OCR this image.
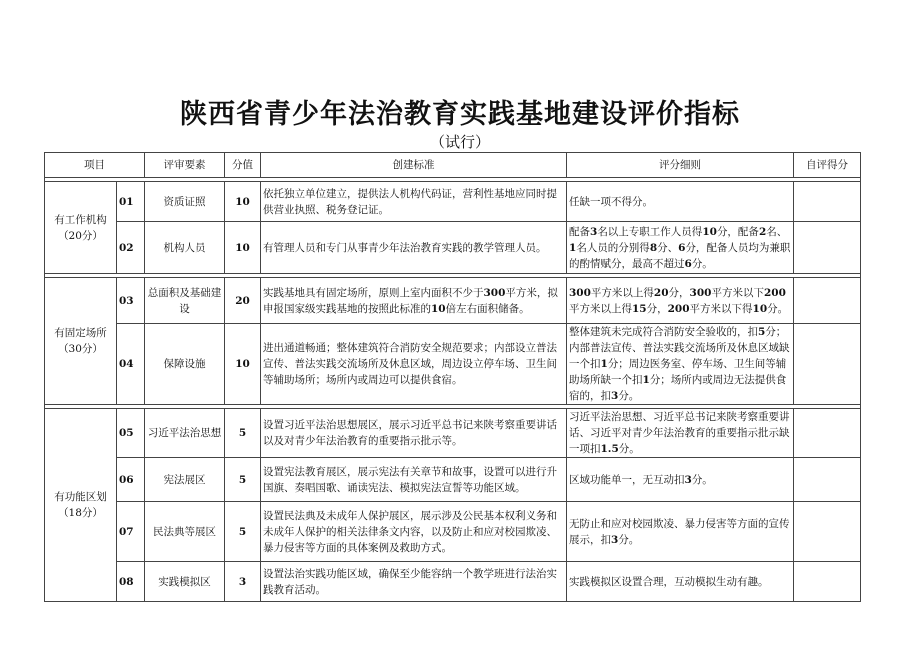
陕西省青少年法治教育实践基地建设评价指标
（试行）
项目		评审要素	分值	创建标准	评分细则	自评得分

有工作机构（20分）	01	资质证照	10	依托独立单位建立，提供法人机构代码证，营利性基地应同时提供营业执照、税务登记证。	任缺一项不得分。	
	02	机构人员	10	有管理人员和专门从事青少年法治教育实践的教学管理人员。	配备3名以上专职工作人员得10分，配备2名、1名人员的分别得8分、6分，配备人员均为兼职的酌情赋分，最高不超过6分。	

有固定场所（30分）	03	总面积及基础建设	20	实践基地具有固定场所，原则上室内面积不少于300平方米，拟申报国家级实践基地的按照此标准的10倍左右面积储备。	300平方米以上得20分，300平方米以下200平方米以上得15分，200平方米以下得10分。	
	04	保障设施	10	进出通道畅通；整体建筑符合消防安全规范要求；内部设立普法宣传、普法实践交流场所及休息区域，周边设立停车场、卫生间等辅助场所；场所内或周边可以提供食宿。	整体建筑未完成符合消防安全验收的，扣5分；内部普法宣传、普法实践交流场所及休息区域缺一个扣1分；周边医务室、停车场、卫生间等辅助场所缺一个扣1分；场所内或周边无法提供食宿的，扣3分。	

有功能区划（18分）	05	习近平法治思想	5	设置习近平法治思想展区，展示习近平总书记来陕考察重要讲话以及对青少年法治教育的重要指示批示等。	习近平法治思想、习近平总书记来陕考察重要讲话、习近平对青少年法治教育的重要指示批示缺一项扣1.5分。	
	06	宪法展区	5	设置宪法教育展区，展示宪法有关章节和故事，设置可以进行升国旗、奏唱国歌、诵读宪法、模拟宪法宣誓等功能区域。	区域功能单一，无互动扣3分。	
	07	民法典等展区	5	设置民法典及未成年人保护展区，展示涉及公民基本权利义务和未成年人保护的相关法律条文内容，以及防止和应对校园欺凌、暴力侵害等方面的具体案例及救助方式。	无防止和应对校园欺凌、暴力侵害等方面的宣传展示，扣3分。	
	08	实践模拟区	3	设置法治实践功能区域，确保至少能容纳一个教学班进行法治实践教育活动。	实践模拟区设置合理，互动模拟生动有趣。	
